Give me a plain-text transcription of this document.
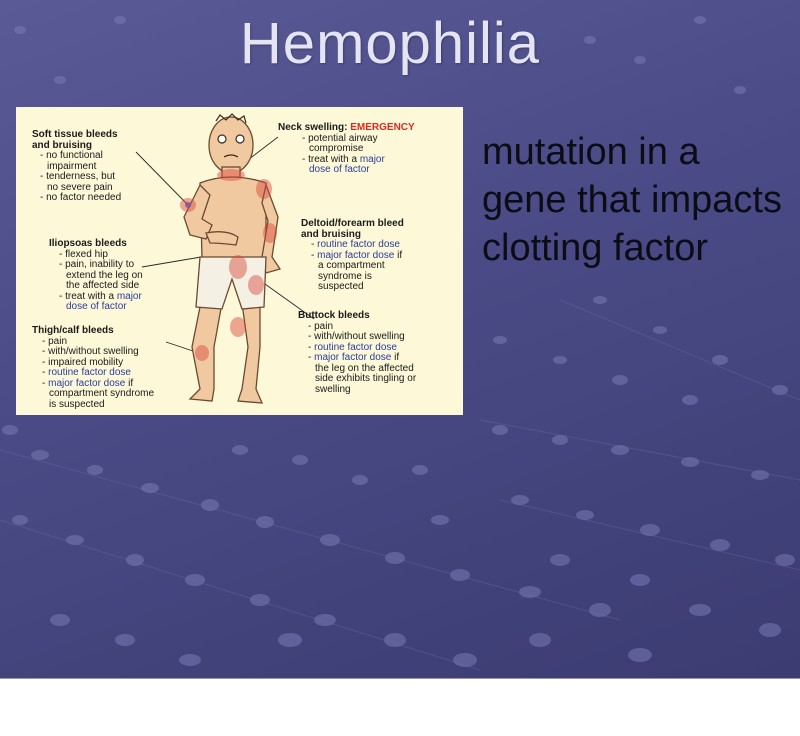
Hemophilia
Soft tissue bleeds
and bruising
- no functional
impairment
- tenderness, but
no severe pain
- no factor needed
Iliopsoas bleeds
- flexed hip
- pain, inability to
extend the leg on
the affected side
- treat with a major
dose of factor
Thigh/calf bleeds
- pain
- with/without swelling
- impaired mobility
- routine factor dose
- major factor dose if
compartment syndrome
is suspected
Neck swelling: EMERGENCY
- potential airway
compromise
- treat with a major
dose of factor
Deltoid/forearm bleed
and bruising
- routine factor dose
- major factor dose if
a compartment
syndrome is
suspected
Buttock bleeds
- pain
- with/without swelling
- routine factor dose
- major factor dose if
the leg on the affected
side exhibits tingling or
swelling
mutation in a gene that impacts clotting factor
